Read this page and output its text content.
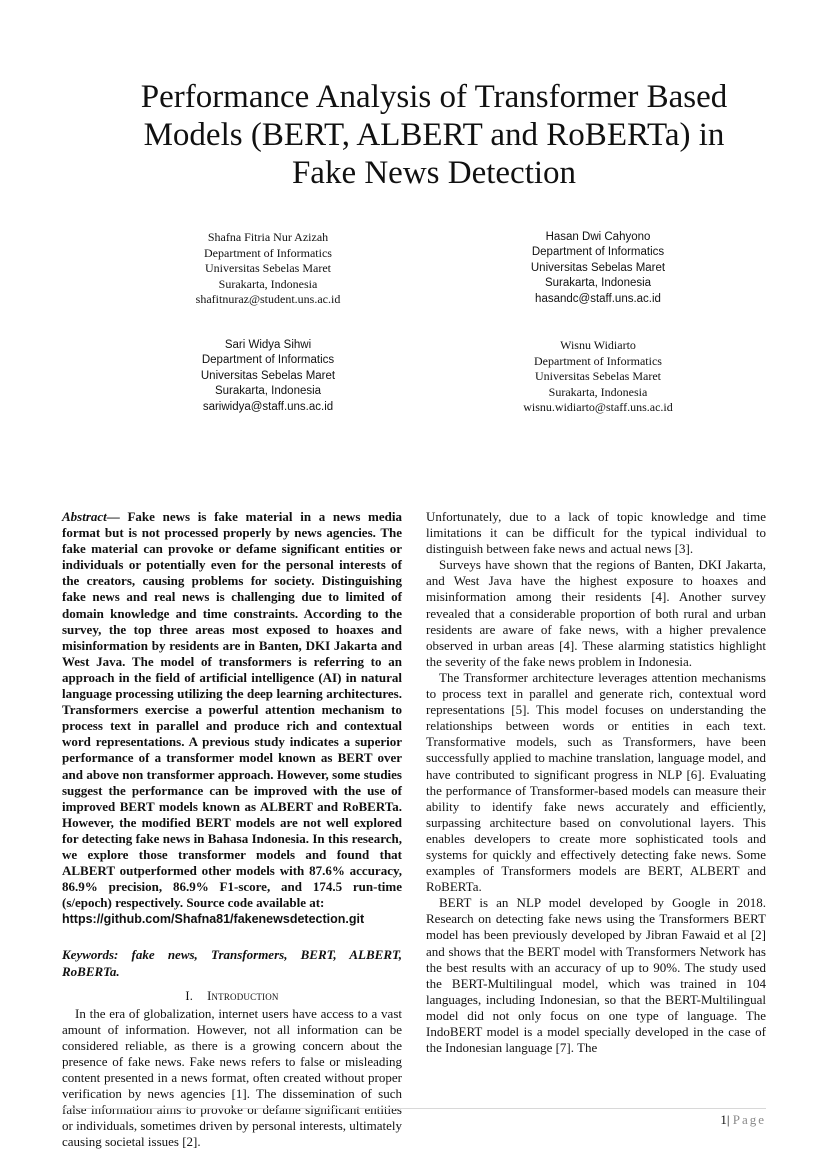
Performance Analysis of Transformer Based Models (BERT, ALBERT and RoBERTa) in Fake News Detection
Shafna Fitria Nur Azizah
Department of Informatics
Universitas Sebelas Maret
Surakarta, Indonesia
shafitnuraz@student.uns.ac.id
Hasan Dwi Cahyono
Department of Informatics
Universitas Sebelas Maret
Surakarta, Indonesia
hasandc@staff.uns.ac.id
Sari Widya Sihwi
Department of Informatics
Universitas Sebelas Maret
Surakarta, Indonesia
sariwidya@staff.uns.ac.id
Wisnu Widiarto
Department of Informatics
Universitas Sebelas Maret
Surakarta, Indonesia
wisnu.widiarto@staff.uns.ac.id

Abstract— Fake news is fake material in a news media format but is not processed properly by news agencies. The fake material can provoke or defame significant entities or individuals or potentially even for the personal interests of the creators, causing problems for society. Distinguishing fake news and real news is challenging due to limited of domain knowledge and time constraints. According to the survey, the top three areas most exposed to hoaxes and misinformation by residents are in Banten, DKI Jakarta and West Java. The model of transformers is referring to an approach in the field of artificial intelligence (AI) in natural language processing utilizing the deep learning architectures. Transformers exercise a powerful attention mechanism to process text in parallel and produce rich and contextual word representations. A previous study indicates a superior performance of a transformer model known as BERT over and above non transformer approach. However, some studies suggest the performance can be improved with the use of improved BERT models known as ALBERT and RoBERTa. However, the modified BERT models are not well explored for detecting fake news in Bahasa Indonesia. In this research, we explore those transformer models and found that ALBERT outperformed other models with 87.6% accuracy, 86.9% precision, 86.9% F1-score, and 174.5 run-time (s/epoch) respectively. Source code available at:
https://github.com/Shafna81/fakenewsdetection.git

Keywords: fake news, Transformers, BERT, ALBERT, RoBERTa.

I. Introduction

In the era of globalization, internet users have access to a vast amount of information. However, not all information can be considered reliable, as there is a growing concern about the presence of fake news. Fake news refers to false or misleading content presented in a news format, often created without proper verification by news agencies [1]. The dissemination of such false information aims to provoke or defame significant entities or individuals, sometimes driven by personal interests, ultimately causing societal issues [2].

Unfortunately, due to a lack of topic knowledge and time limitations it can be difficult for the typical individual to distinguish between fake news and actual news [3].

Surveys have shown that the regions of Banten, DKI Jakarta, and West Java have the highest exposure to hoaxes and misinformation among their residents [4]. Another survey revealed that a considerable proportion of both rural and urban residents are aware of fake news, with a higher prevalence observed in urban areas [4]. These alarming statistics highlight the severity of the fake news problem in Indonesia.

The Transformer architecture leverages attention mechanisms to process text in parallel and generate rich, contextual word representations [5]. This model focuses on understanding the relationships between words or entities in each text. Transformative models, such as Transformers, have been successfully applied to machine translation, language model, and have contributed to significant progress in NLP [6]. Evaluating the performance of Transformer-based models can measure their ability to identify fake news accurately and efficiently, surpassing architecture based on convolutional layers. This enables developers to create more sophisticated tools and systems for quickly and effectively detecting fake news. Some examples of Transformers models are BERT, ALBERT and RoBERTa.

BERT is an NLP model developed by Google in 2018. Research on detecting fake news using the Transformers BERT model has been previously developed by Jibran Fawaid et al [2] and shows that the BERT model with Transformers Network has the best results with an accuracy of up to 90%. The study used the BERT-Multilingual model, which was trained in 104 languages, including Indonesian, so that the BERT-Multilingual model did not only focus on one type of language. The IndoBERT model is a model specially developed in the case of the Indonesian language [7]. The

1| Page
